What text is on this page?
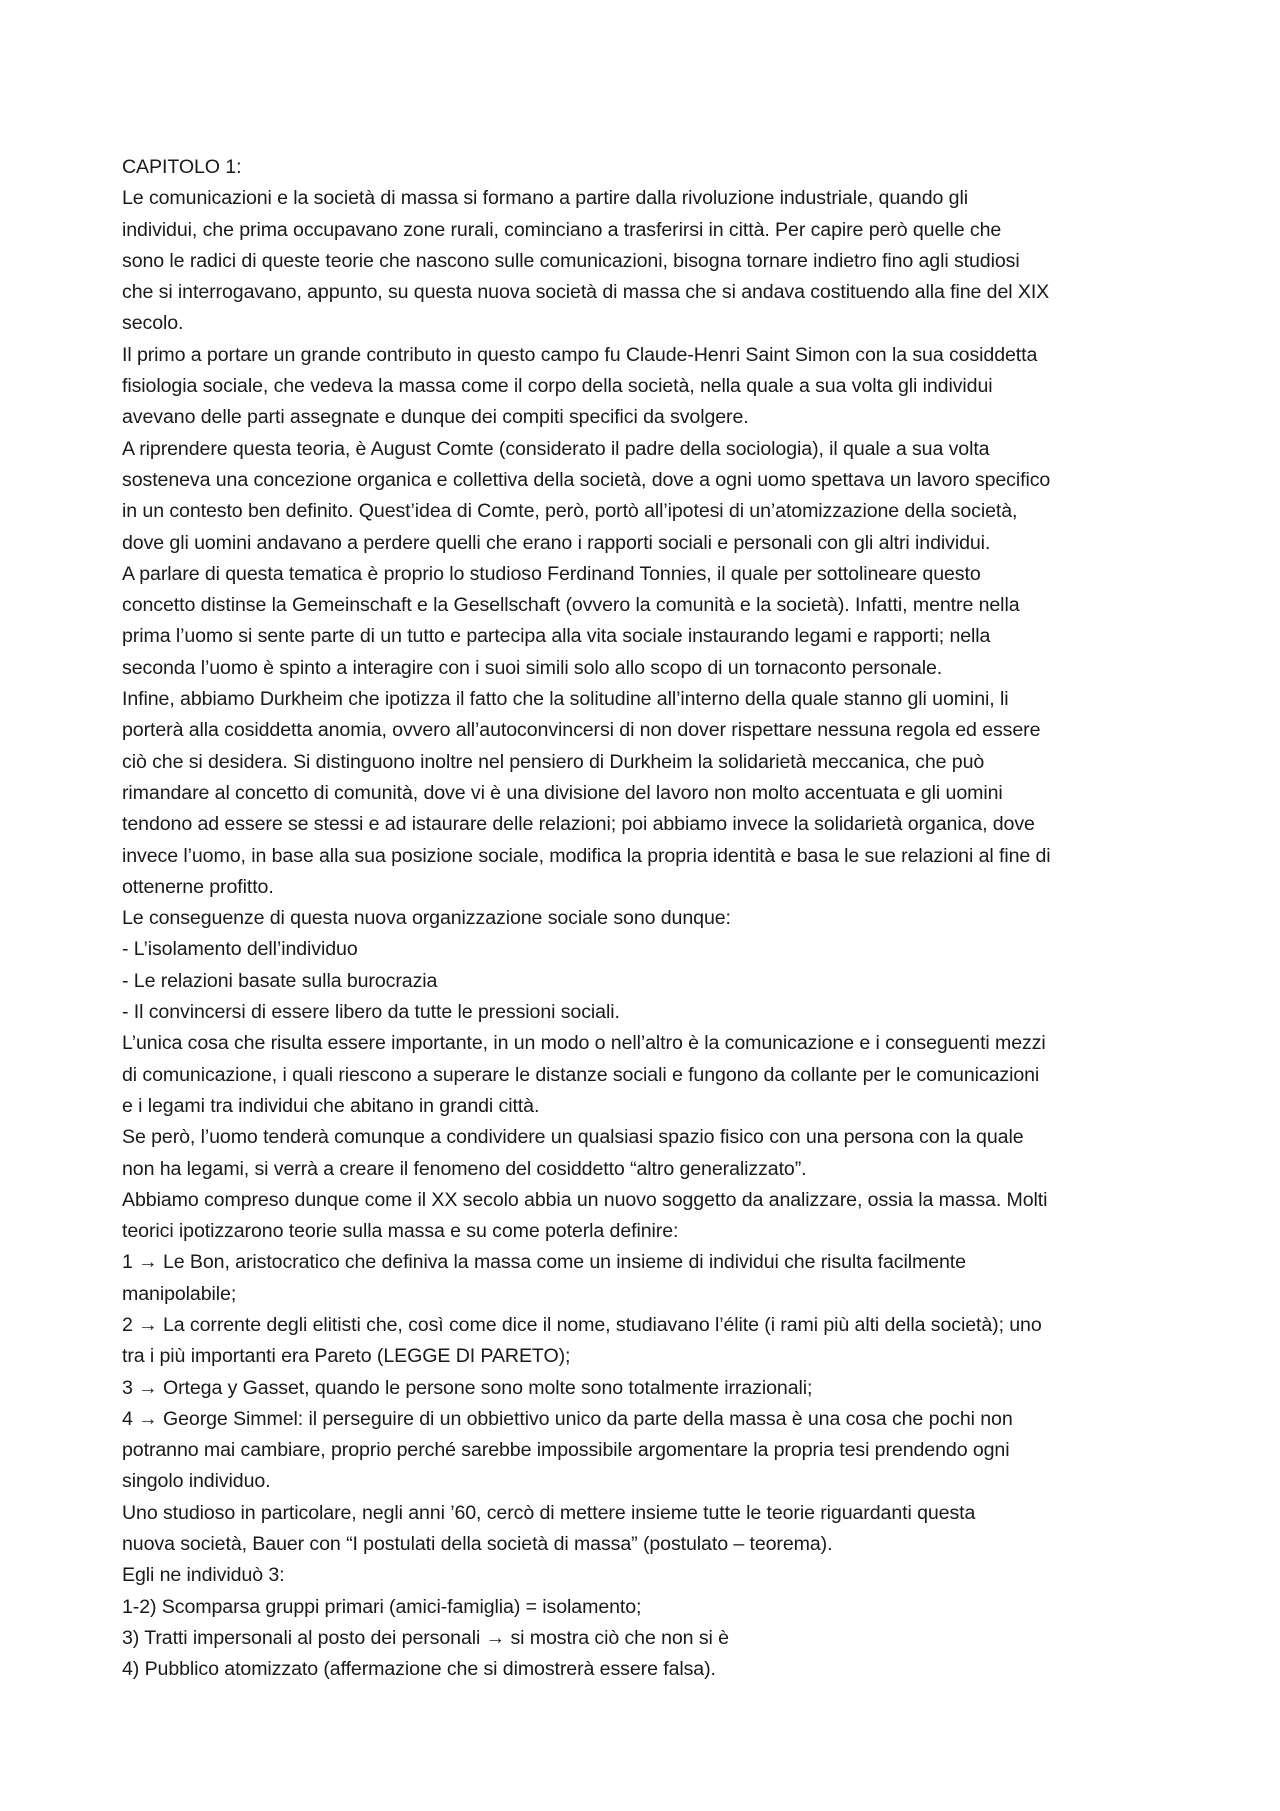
CAPITOLO 1:

Le comunicazioni e la società di massa si formano a partire dalla rivoluzione industriale, quando gli

individui, che prima occupavano zone rurali, cominciano a trasferirsi in città. Per capire però quelle che

sono le radici di queste teorie che nascono sulle comunicazioni, bisogna tornare indietro fino agli studiosi

che si interrogavano, appunto, su questa nuova società di massa che si andava costituendo alla fine del XIX

secolo.

Il primo a portare un grande contributo in questo campo fu Claude-Henri Saint Simon con la sua cosiddetta

fisiologia sociale, che vedeva la massa come il corpo della società, nella quale a sua volta gli individui

avevano delle parti assegnate e dunque dei compiti specifici da svolgere.

A riprendere questa teoria, è August Comte (considerato il padre della sociologia), il quale a sua volta

sosteneva una concezione organica e collettiva della società, dove a ogni uomo spettava un lavoro specifico

in un contesto ben definito. Quest’idea di Comte, però, portò all’ipotesi di un’atomizzazione della società,

dove gli uomini andavano a perdere quelli che erano i rapporti sociali e personali con gli altri individui.

A parlare di questa tematica è proprio lo studioso Ferdinand Tonnies, il quale per sottolineare questo

concetto distinse la Gemeinschaft e la Gesellschaft (ovvero la comunità e la società). Infatti, mentre nella

prima l’uomo si sente parte di un tutto e partecipa alla vita sociale instaurando legami e rapporti; nella

seconda l’uomo è spinto a interagire con i suoi simili solo allo scopo di un tornaconto personale.

Infine, abbiamo Durkheim che ipotizza il fatto che la solitudine all’interno della quale stanno gli uomini, li

porterà alla cosiddetta anomia, ovvero all’autoconvincersi di non dover rispettare nessuna regola ed essere

ciò che si desidera. Si distinguono inoltre nel pensiero di Durkheim la solidarietà meccanica, che può

rimandare al concetto di comunità, dove vi è una divisione del lavoro non molto accentuata e gli uomini

tendono ad essere se stessi e ad istaurare delle relazioni; poi abbiamo invece la solidarietà organica, dove

invece l’uomo, in base alla sua posizione sociale, modifica la propria identità e basa le sue relazioni al fine di

ottenerne profitto.

Le conseguenze di questa nuova organizzazione sociale sono dunque:

- L’isolamento dell’individuo

- Le relazioni basate sulla burocrazia

- Il convincersi di essere libero da tutte le pressioni sociali.

L’unica cosa che risulta essere importante, in un modo o nell’altro è la comunicazione e i conseguenti mezzi

di comunicazione, i quali riescono a superare le distanze sociali e fungono da collante per le comunicazioni

e i legami tra individui che abitano in grandi città.

Se però, l’uomo tenderà comunque a condividere un qualsiasi spazio fisico con una persona con la quale

non ha legami, si verrà a creare il fenomeno del cosiddetto “altro generalizzato”.

Abbiamo compreso dunque come il XX secolo abbia un nuovo soggetto da analizzare, ossia la massa. Molti

teorici ipotizzarono teorie sulla massa e su come poterla definire:

1 → Le Bon, aristocratico che definiva la massa come un insieme di individui che risulta facilmente

manipolabile;

2 → La corrente degli elitisti che, così come dice il nome, studiavano l’élite (i rami più alti della società); uno

tra i più importanti era Pareto (LEGGE DI PARETO);

3 → Ortega y Gasset, quando le persone sono molte sono totalmente irrazionali;

4 → George Simmel: il perseguire di un obbiettivo unico da parte della massa è una cosa che pochi non

potranno mai cambiare, proprio perché sarebbe impossibile argomentare la propria tesi prendendo ogni

singolo individuo.

Uno studioso in particolare, negli anni ’60, cercò di mettere insieme tutte le teorie riguardanti questa

nuova società, Bauer con “I postulati della società di massa” (postulato – teorema).

Egli ne individuò 3:

1-2) Scomparsa gruppi primari (amici-famiglia) = isolamento;

3) Tratti impersonali al posto dei personali → si mostra ciò che non si è

4) Pubblico atomizzato (affermazione che si dimostrerà essere falsa).
